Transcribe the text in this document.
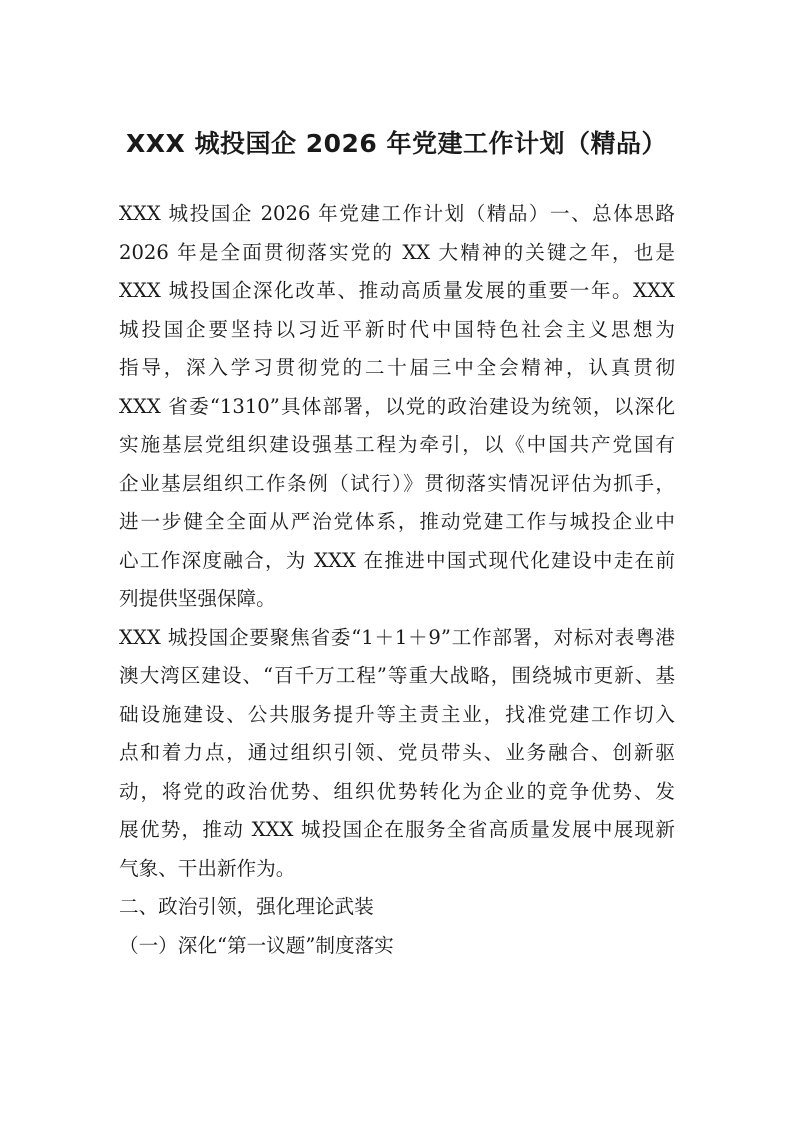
XXX 城投国企 2026 年党建工作计划（精品）
XXX 城投国企 2026 年党建工作计划（精品）一、总体思路
2026 年是全面贯彻落实党的 XX 大精神的关键之年，也是
XXX 城投国企深化改革、推动高质量发展的重要一年。XXX
城投国企要坚持以习近平新时代中国特色社会主义思想为
指导，深入学习贯彻党的二十届三中全会精神，认真贯彻
XXX 省委“1310”具体部署，以党的政治建设为统领，以深化
实施基层党组织建设强基工程为牵引，以《中国共产党国有
企业基层组织工作条例（试行）》贯彻落实情况评估为抓手，
进一步健全全面从严治党体系，推动党建工作与城投企业中
心工作深度融合，为 XXX 在推进中国式现代化建设中走在前
列提供坚强保障。
XXX 城投国企要聚焦省委“1＋1＋9”工作部署，对标对表粤港
澳大湾区建设、“百千万工程”等重大战略，围绕城市更新、基
础设施建设、公共服务提升等主责主业，找准党建工作切入
点和着力点，通过组织引领、党员带头、业务融合、创新驱
动，将党的政治优势、组织优势转化为企业的竞争优势、发
展优势，推动 XXX 城投国企在服务全省高质量发展中展现新
气象、干出新作为。
二、政治引领，强化理论武装
（一）深化“第一议题”制度落实
